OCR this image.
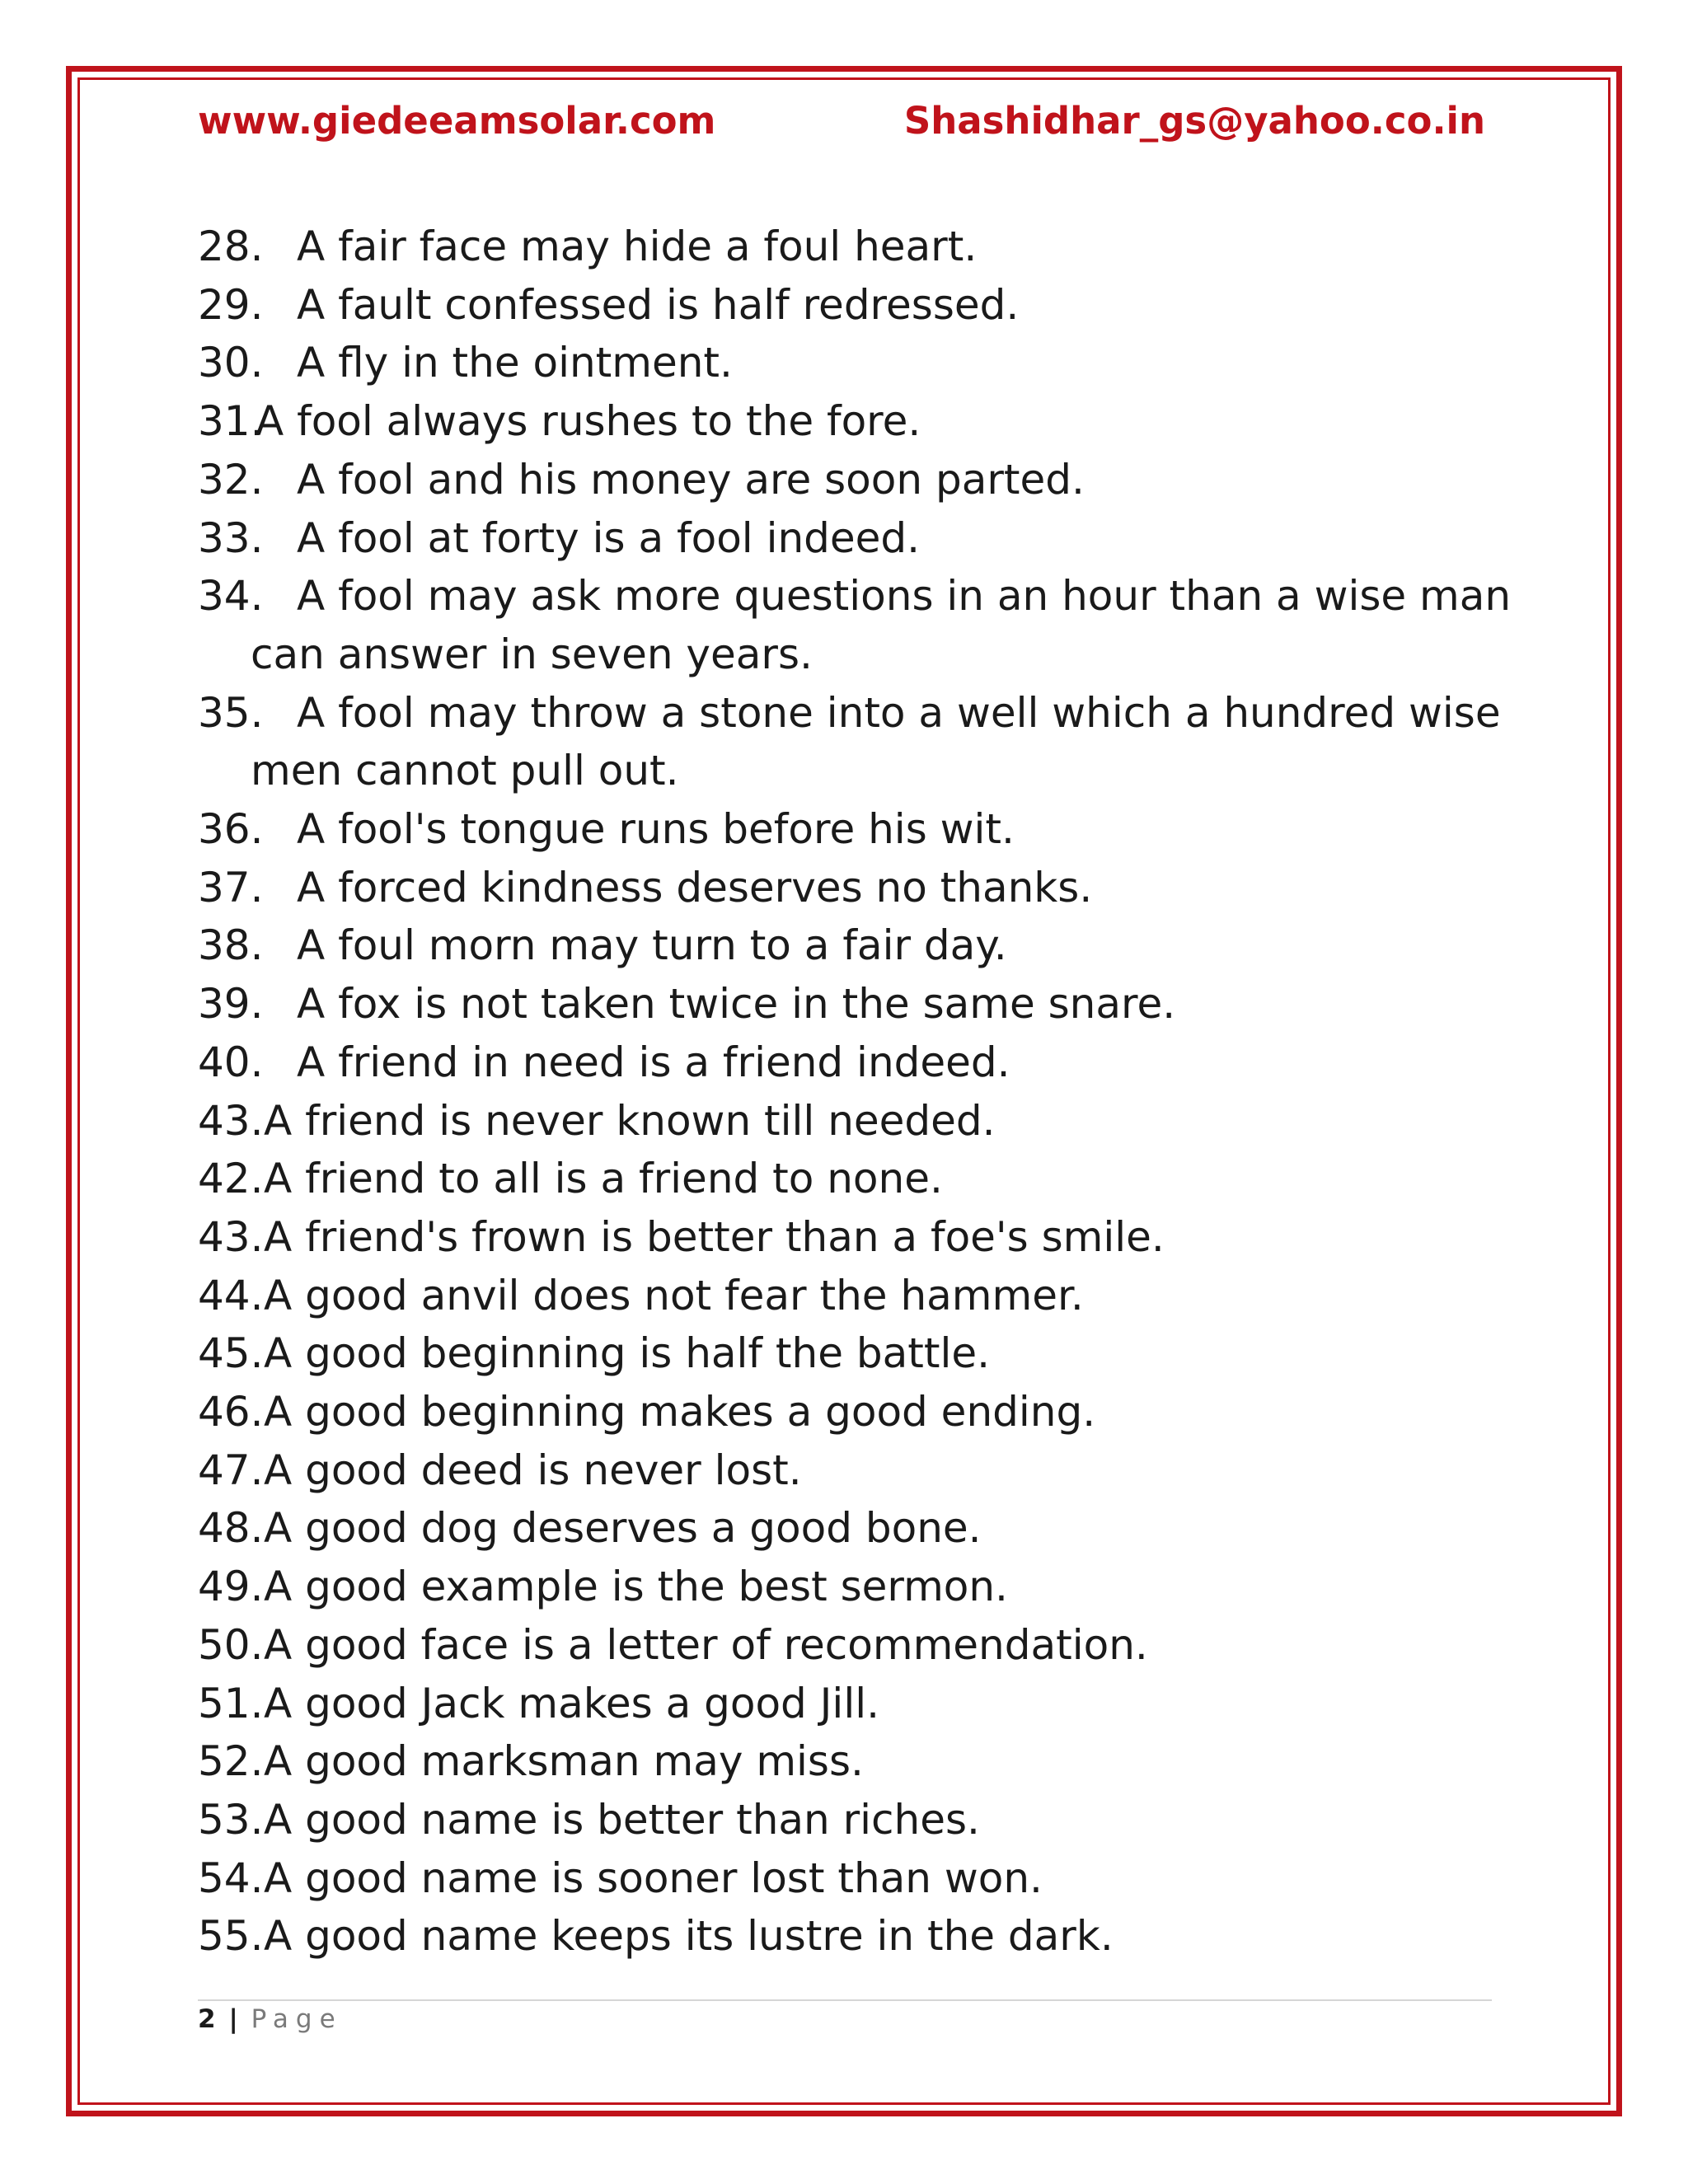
www.giedeeamsolar.com	Shashidhar_gs@yahoo.co.in
28. A fair face may hide a foul heart.
29. A fault confessed is half redressed.
30. A fly in the ointment.
31.
A fool always rushes to the fore.
32. A fool and his money are soon parted.
33. A fool at forty is a fool indeed.
34. A fool may ask more questions in an hour than a wise man
can answer in seven years.
35. A fool may throw a stone into a well which a hundred wise
men cannot pull out.
36. A fool's tongue runs before his wit.
37. A forced kindness deserves no thanks.
38. A foul morn may turn to a fair day.
39. A fox is not taken twice in the same snare.
40. A friend in need is a friend indeed.
43. A friend is never known till needed.
42. A friend to all is a friend to none.
43. A friend's frown is better than a foe's smile.
44. A good anvil does not fear the hammer.
45. A good beginning is half the battle.
46. A good beginning makes a good ending.
47. A good deed is never lost.
48. A good dog deserves a good bone.
49. A good example is the best sermon.
50. A good face is a letter of recommendation.
51. A good Jack makes a good Jill.
52. A good marksman may miss.
53. A good name is better than riches.
54. A good name is sooner lost than won.
55. A good name keeps its lustre in the dark.
2 | Page
